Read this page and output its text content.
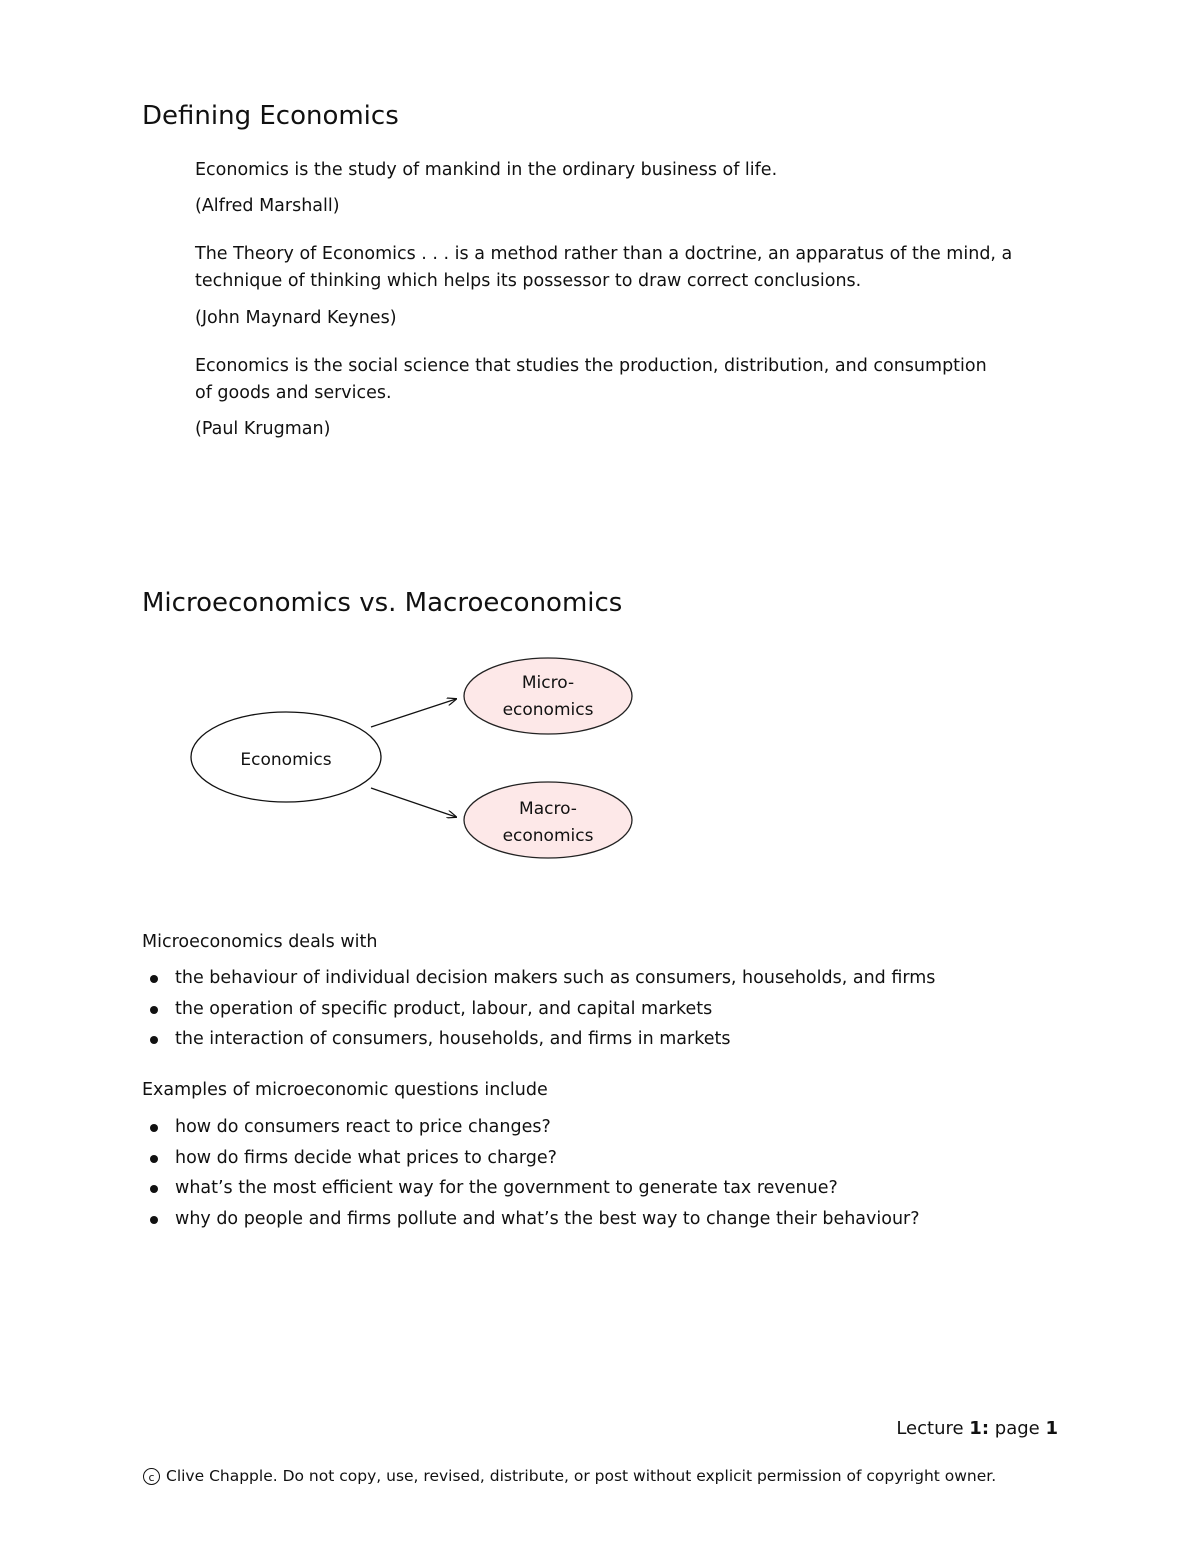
Defining Economics

Economics is the study of mankind in the ordinary business of life.

(Alfred Marshall)

The Theory of Economics . . . is a method rather than a doctrine, an apparatus of the mind, a technique of thinking which helps its possessor to draw correct conclusions.

(John Maynard Keynes)

Economics is the social science that studies the production, distribution, and consumption of goods and services.

(Paul Krugman)

Microeconomics vs. Macroeconomics
Economics
Micro-
economics
Macro-
economics

Microeconomics deals with

the behaviour of individual decision makers such as consumers, households, and firms
the operation of specific product, labour, and capital markets
the interaction of consumers, households, and firms in markets

Examples of microeconomic questions include

how do consumers react to price changes?
how do firms decide what prices to charge?
what’s the most efficient way for the government to generate tax revenue?
why do people and firms pollute and what’s the best way to change their behaviour?
Lecture 1: page 1
c Clive Chapple. Do not copy, use, revised, distribute, or post without explicit permission of copyright owner.
